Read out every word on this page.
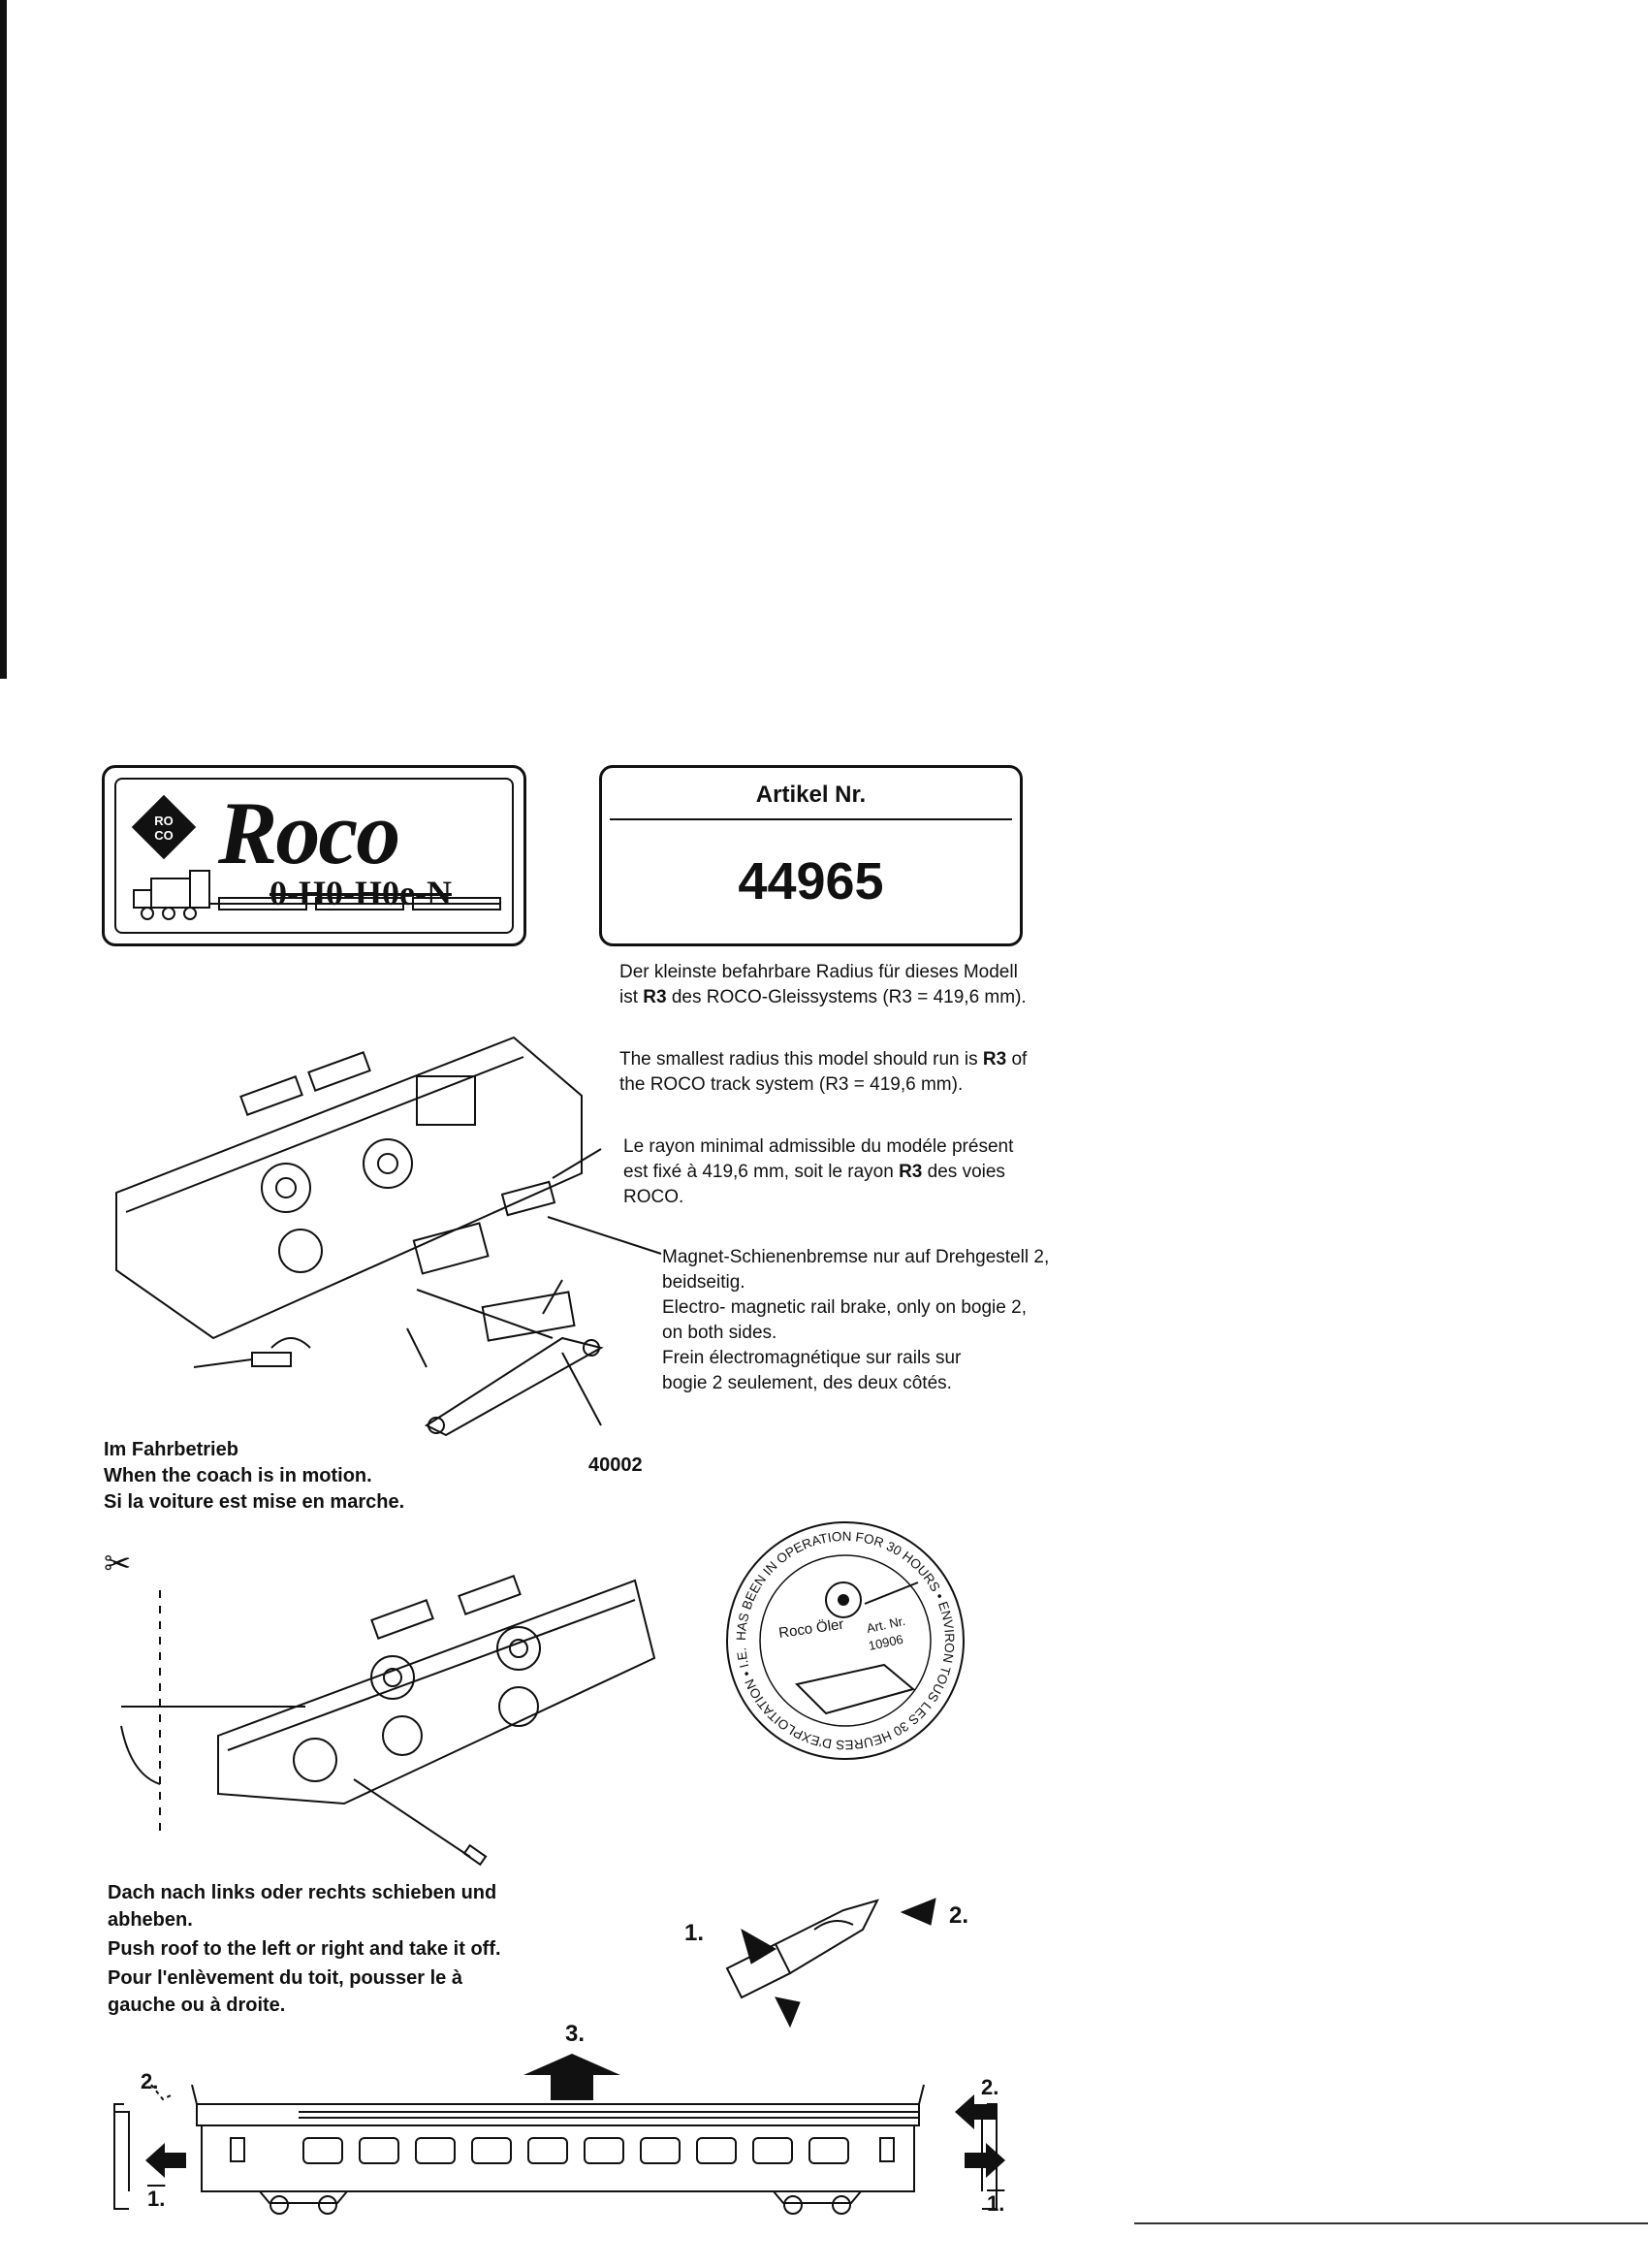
RO
CO Roco
0-H0-H0e-N
Artikel Nr.
44965
Der kleinste befahrbare Radius für dieses Modell ist R3 des ROCO-Gleissystems (R3 = 419,6 mm).
The smallest radius this model should run is R3 of the ROCO track system (R3 = 419,6 mm).
Le rayon minimal admissible du modéle présent est fixé à 419,6 mm, soit le rayon R3 des voies ROCO.
Magnet-Schienenbremse nur auf Drehgestell 2, beidseitig.
Electro- magnetic rail brake, only on bogie 2, on both sides.
Frein électromagnétique sur rails sur
bogie 2 seulement, des deux côtés.
40002
Im Fahrbetrieb
When the coach is in motion.
Si la voiture est mise en marche.
✂
HAS BEEN IN OPERATION FOR 30 HOURS • ENVIRON TOUS LES 30 HEURES D'EXPLOITATION • I.E. AFTER IT • CA. ALLE 30 BETRIEBSSTUNDEN
Roco Öler Art. Nr.
10906
Dach nach links oder rechts schieben und abheben.
Push roof to the left or right and take it off.
Pour l'enlèvement du toit, pousser le à gauche ou à droite.
1.
2.
3.
2.	2.
1.	1.
